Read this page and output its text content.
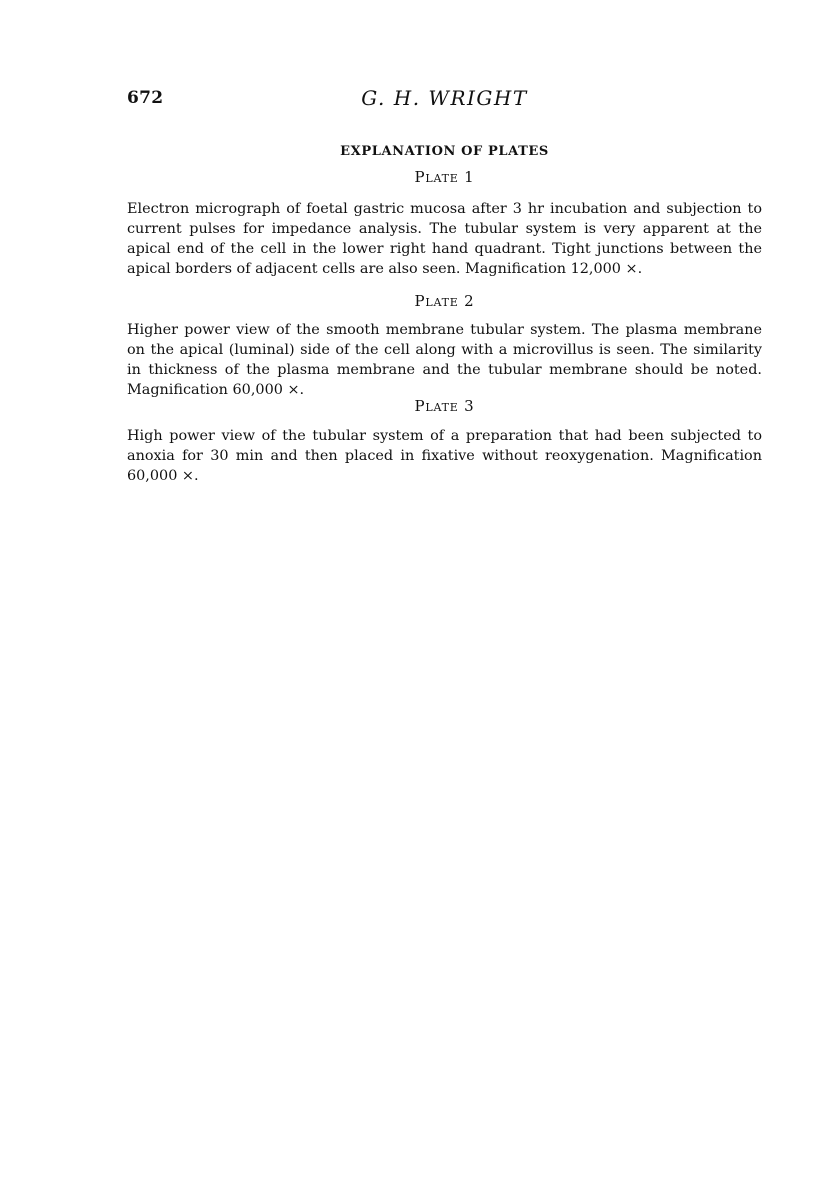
672	G. H. WRIGHT
EXPLANATION OF PLATES
Plate 1

Electron micrograph of foetal gastric mucosa after 3 hr incubation and subjection to current pulses for impedance analysis. The tubular system is very apparent at the apical end of the cell in the lower right hand quadrant. Tight junctions between the apical borders of adjacent cells are also seen. Magnification 12,000 ×.

Plate 2

Higher power view of the smooth membrane tubular system. The plasma membrane on the apical (luminal) side of the cell along with a microvillus is seen. The similarity in thickness of the plasma membrane and the tubular membrane should be noted. Magnification 60,000 ×.

Plate 3

High power view of the tubular system of a preparation that had been subjected to anoxia for 30 min and then placed in fixative without reoxygenation. Magnification 60,000 ×.
